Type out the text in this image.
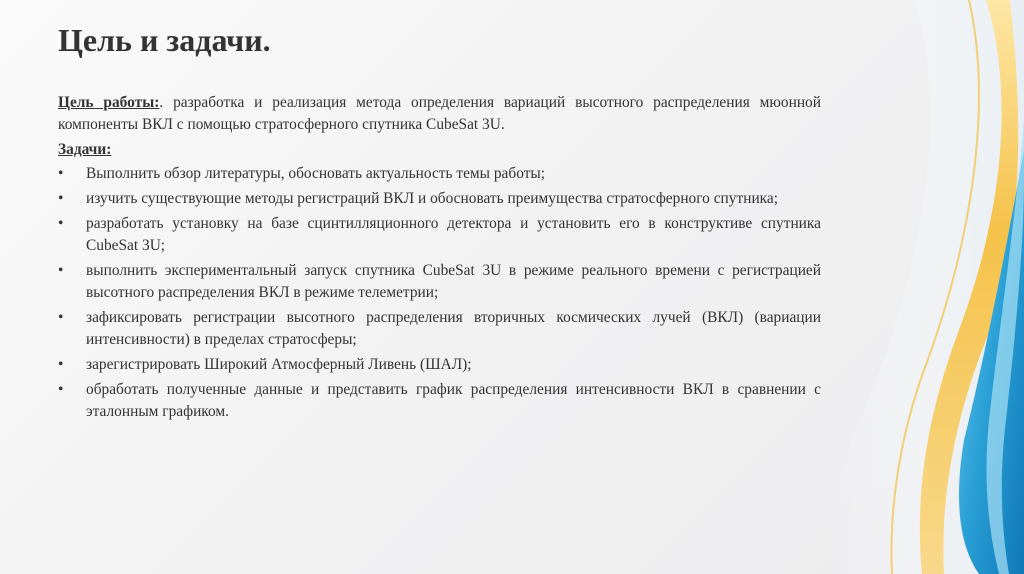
Цель и задачи.

Цель работы:. разработка и реализация метода определения вариаций высотного распределения мюонной компоненты ВКЛ с помощью стратосферного спутника CubeSat 3U.

Задачи:

• Выполнить обзор литературы, обосновать актуальность темы работы;
• изучить существующие методы регистраций ВКЛ и обосновать преимущества стратосферного спутника;
• разработать установку на базе сцинтилляционного детектора и установить его в конструктиве спутника CubeSat 3U;
• выполнить экспериментальный запуск спутника CubeSat 3U в режиме реального времени с регистрацией высотного распределения ВКЛ в режиме телеметрии;
• зафиксировать регистрации высотного распределения вторичных космических лучей (ВКЛ) (вариации интенсивности) в пределах стратосферы;
• зарегистрировать Широкий Атмосферный Ливень (ШАЛ);
• обработать полученные данные и представить график распределения интенсивности ВКЛ в сравнении с эталонным графиком.
